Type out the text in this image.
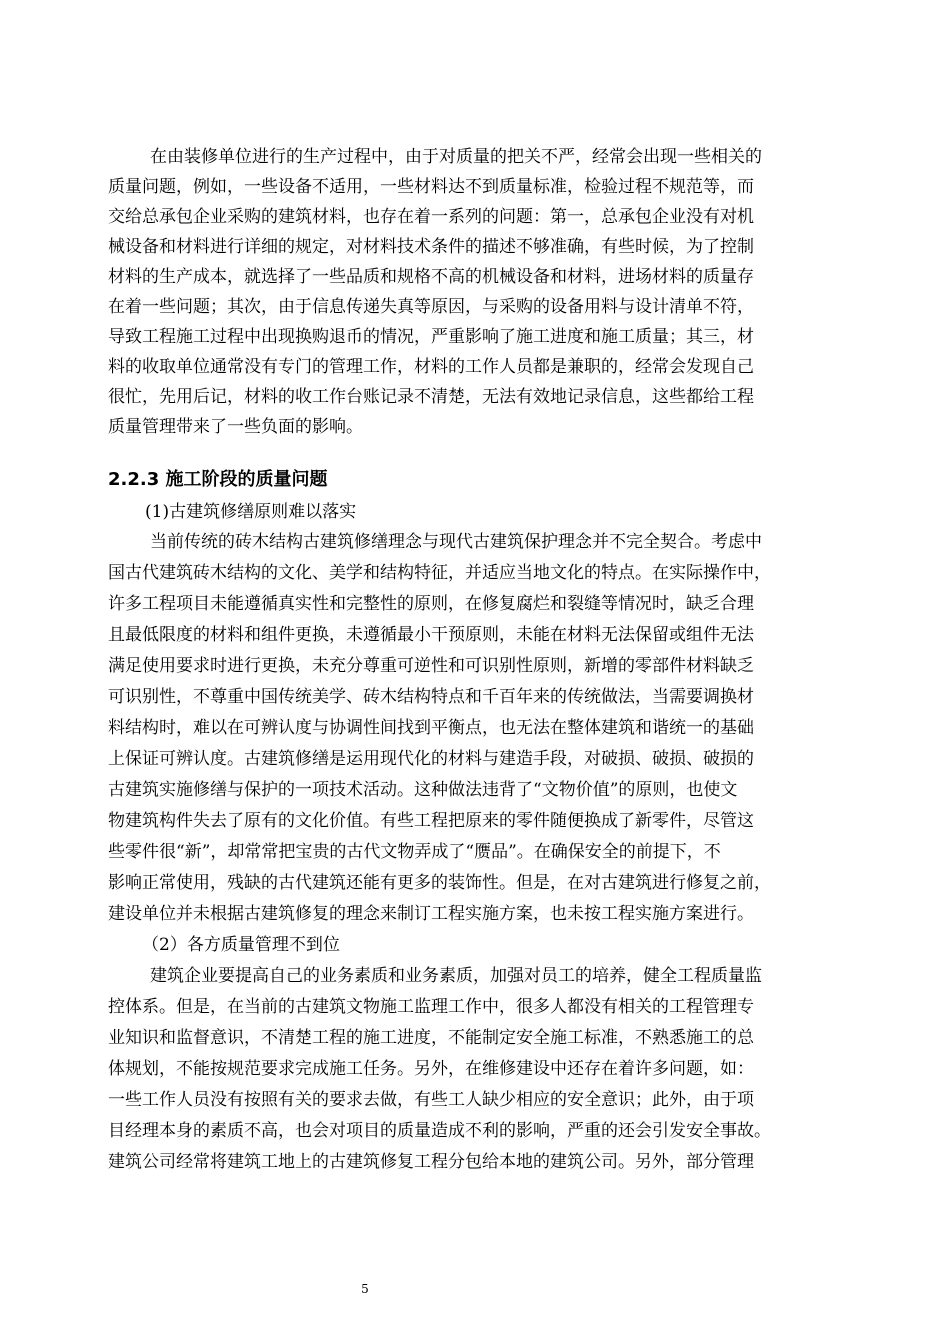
在由装修单位进行的生产过程中，由于对质量的把关不严，经常会出现一些相关的
质量问题，例如，一些设备不适用，一些材料达不到质量标准，检验过程不规范等，而
交给总承包企业采购的建筑材料，也存在着一系列的问题：第一，总承包企业没有对机
械设备和材料进行详细的规定，对材料技术条件的描述不够准确，有些时候，为了控制
材料的生产成本，就选择了一些品质和规格不高的机械设备和材料，进场材料的质量存
在着一些问题；其次，由于信息传递失真等原因，与采购的设备用料与设计清单不符，
导致工程施工过程中出现换购退币的情况，严重影响了施工进度和施工质量；其三，材
料的收取单位通常没有专门的管理工作，材料的工作人员都是兼职的，经常会发现自己
很忙，先用后记，材料的收工作台账记录不清楚，无法有效地记录信息，这些都给工程
质量管理带来了一些负面的影响。
2.2.3 施工阶段的质量问题
(1)古建筑修缮原则难以落实
当前传统的砖木结构古建筑修缮理念与现代古建筑保护理念并不完全契合。考虑中
国古代建筑砖木结构的文化、美学和结构特征，并适应当地文化的特点。在实际操作中，
许多工程项目未能遵循真实性和完整性的原则，在修复腐烂和裂缝等情况时，缺乏合理
且最低限度的材料和组件更换，未遵循最小干预原则，未能在材料无法保留或组件无法
满足使用要求时进行更换，未充分尊重可逆性和可识别性原则，新增的零部件材料缺乏
可识别性，不尊重中国传统美学、砖木结构特点和千百年来的传统做法，当需要调换材
料结构时，难以在可辨认度与协调性间找到平衡点，也无法在整体建筑和谐统一的基础
上保证可辨认度。古建筑修缮是运用现代化的材料与建造手段，对破损、破损、破损的
古建筑实施修缮与保护的一项技术活动。这种做法违背了“文物价值”的原则，也使文
物建筑构件失去了原有的文化价值。有些工程把原来的零件随便换成了新零件，尽管这
些零件很“新”，却常常把宝贵的古代文物弄成了“赝品”。在确保安全的前提下，不
影响正常使用，残缺的古代建筑还能有更多的装饰性。但是，在对古建筑进行修复之前，
建设单位并未根据古建筑修复的理念来制订工程实施方案，也未按工程实施方案进行。
（2）各方质量管理不到位
建筑企业要提高自己的业务素质和业务素质，加强对员工的培养，健全工程质量监
控体系。但是，在当前的古建筑文物施工监理工作中，很多人都没有相关的工程管理专
业知识和监督意识，不清楚工程的施工进度，不能制定安全施工标准，不熟悉施工的总
体规划，不能按规范要求完成施工任务。另外，在维修建设中还存在着许多问题，如：
一些工作人员没有按照有关的要求去做，有些工人缺少相应的安全意识；此外，由于项
目经理本身的素质不高，也会对项目的质量造成不利的影响，严重的还会引发安全事故。
建筑公司经常将建筑工地上的古建筑修复工程分包给本地的建筑公司。另外，部分管理
5
